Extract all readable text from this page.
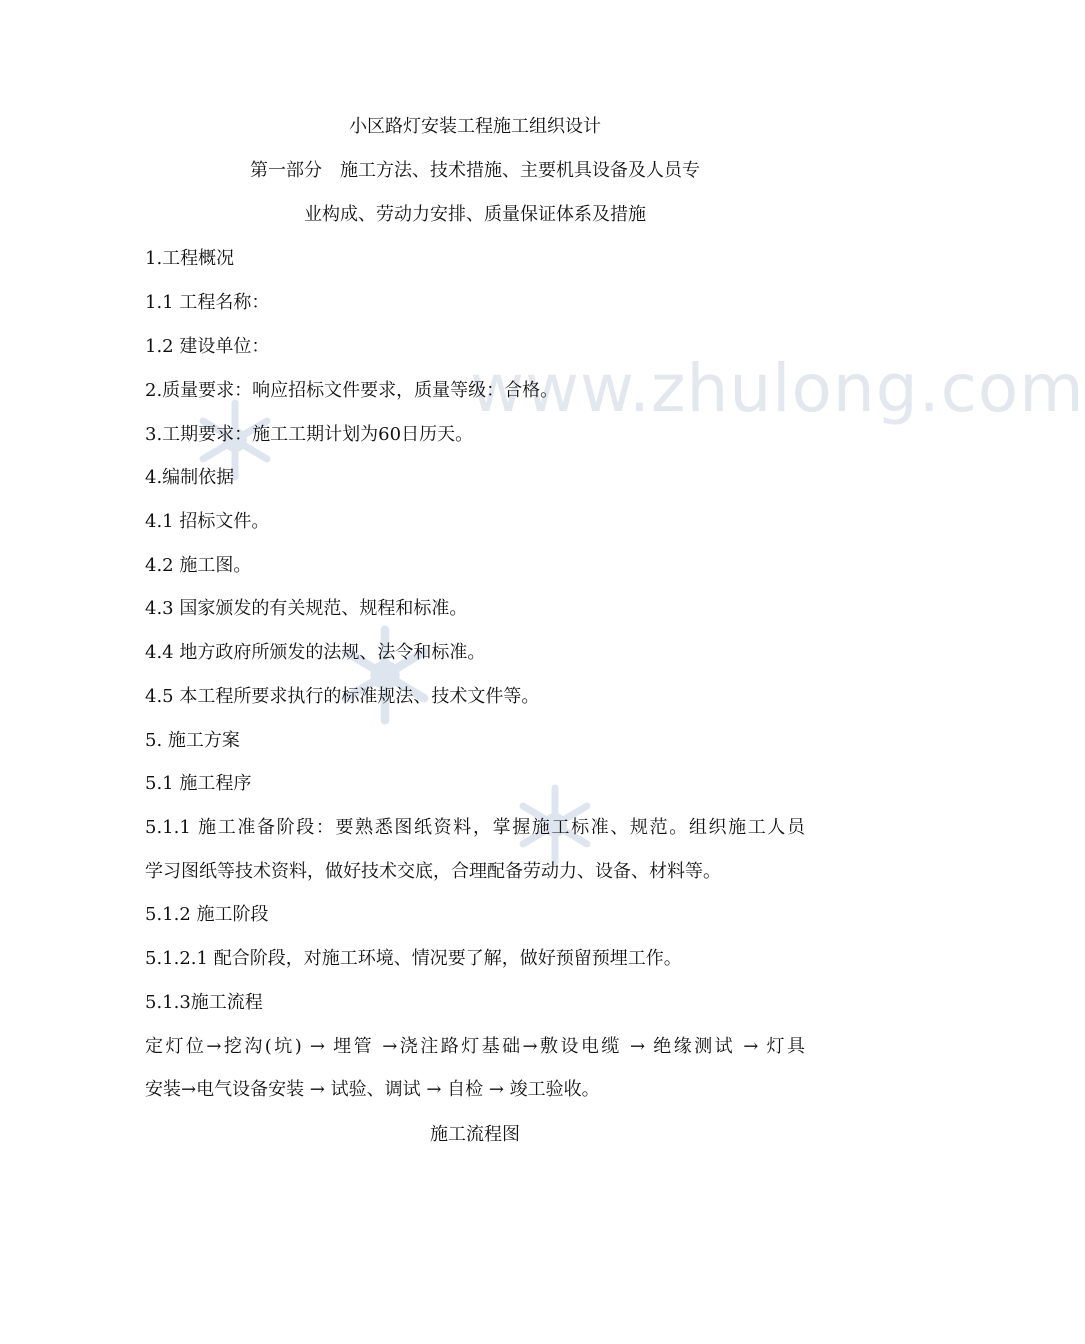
www.zhulong.com
小区路灯安装工程施工组织设计
第一部分　施工方法、技术措施、主要机具设备及人员专
业构成、劳动力安排、质量保证体系及措施
1.工程概况
1.1 工程名称：
1.2 建设单位：
2.质量要求：响应招标文件要求，质量等级：合格。
3.工期要求：施工工期计划为60日历天。
4.编制依据
4.1 招标文件。
4.2 施工图。
4.3 国家颁发的有关规范、规程和标准。
4.4 地方政府所颁发的法规、法令和标准。
4.5 本工程所要求执行的标准规法、技术文件等。
5. 施工方案
5.1 施工程序
5.1.1 施工准备阶段：要熟悉图纸资料，掌握施工标准、规范。组织施工人员
学习图纸等技术资料，做好技术交底，合理配备劳动力、设备、材料等。
5.1.2 施工阶段
5.1.2.1 配合阶段，对施工环境、情况要了解，做好预留预埋工作。
5.1.3施工流程
定灯位→挖沟(坑) → 埋管 →浇注路灯基础→敷设电缆 → 绝缘测试 → 灯具
安装→电气设备安装 → 试验、调试 → 自检 → 竣工验收。
施工流程图
